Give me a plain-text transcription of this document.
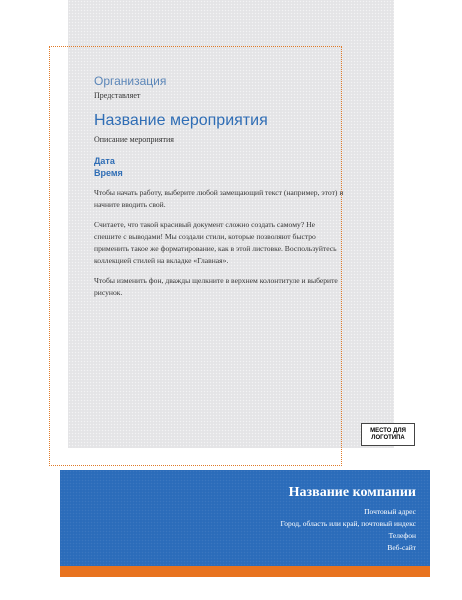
Организация

Представляет

Название мероприятия

Описание мероприятия

Дата

Время

Чтобы начать работу, выберите любой замещающий текст (например, этот) и начните вводить свой.

Считаете, что такой красивый документ сложно создать самому? Не спешите с выводами! Мы создали стили, которые позволяют быстро применить такое же форматирование, как в этой листовке. Воспользуйтесь коллекцией стилей на вкладке «Главная».

Чтобы изменить фон, дважды щелкните в верхнем колонтитуле и выберите рисунок.

МЕСТО ДЛЯ
ЛОГОТИПА

Название компании

Почтовый адрес

Город, область или край, почтовый индекс

Телефон

Веб-сайт
